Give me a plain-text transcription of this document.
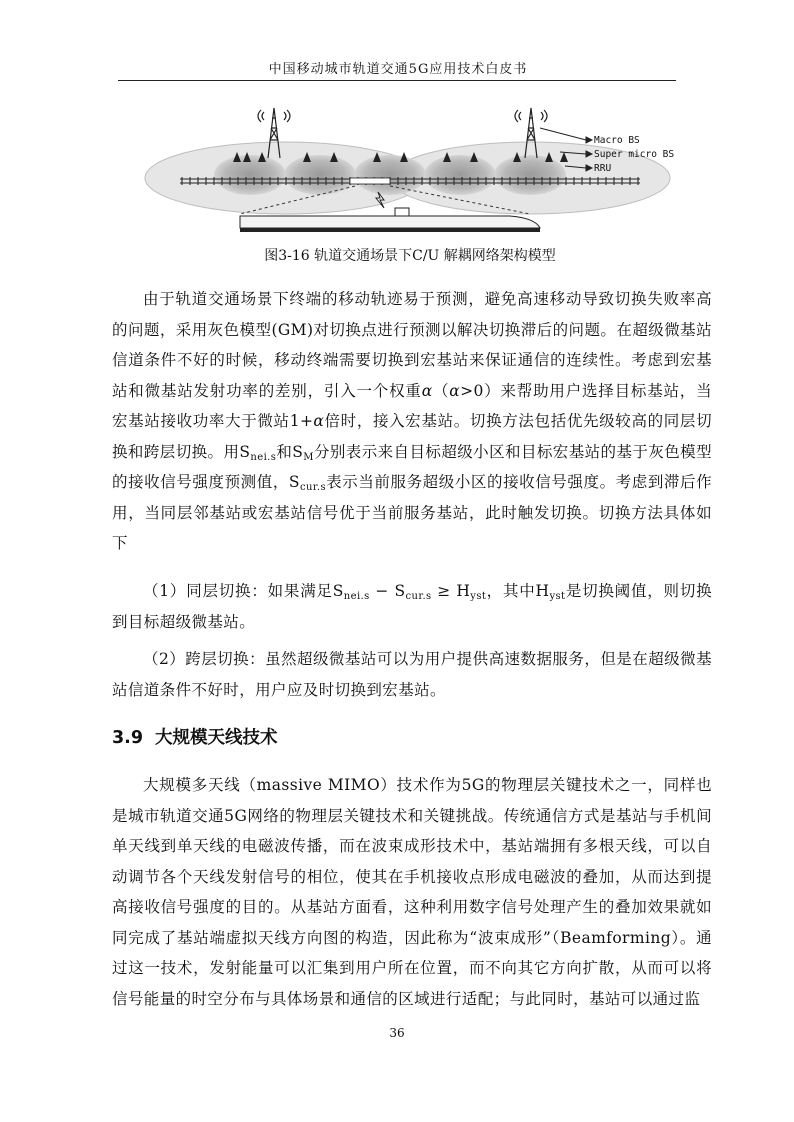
中国移动城市轨道交通5G应用技术白皮书
Macro BS
Super micro BS
RRU
图3-16 轨道交通场景下C/U 解耦网络架构模型

由于轨道交通场景下终端的移动轨迹易于预测，避免高速移动导致切换失败率高的问题，采用灰色模型(GM)对切换点进行预测以解决切换滞后的问题。在超级微基站信道条件不好的时候，移动终端需要切换到宏基站来保证通信的连续性。考虑到宏基站和微基站发射功率的差别，引入一个权重α（α>0）来帮助用户选择目标基站，当宏基站接收功率大于微站1+α倍时，接入宏基站。切换方法包括优先级较高的同层切换和跨层切换。用$S_{nei.s}$和$S_M$分别表示来自目标超级小区和目标宏基站的基于灰色模型的接收信号强度预测值，$S_{cur.s}$表示当前服务超级小区的接收信号强度。考虑到滞后作用，当同层邻基站或宏基站信号优于当前服务基站，此时触发切换。切换方法具体如下

（1）同层切换：如果满足$S_{nei.s} - S_{cur.s} \ge H_{yst}$，其中$H_{yst}$是切换阈值，则切换到目标超级微基站。

（2）跨层切换：虽然超级微基站可以为用户提供高速数据服务，但是在超级微基站信道条件不好时，用户应及时切换到宏基站。

3.9 大规模天线技术

大规模多天线（massive MIMO）技术作为5G的物理层关键技术之一，同样也是城市轨道交通5G网络的物理层关键技术和关键挑战。传统通信方式是基站与手机间单天线到单天线的电磁波传播，而在波束成形技术中，基站端拥有多根天线，可以自动调节各个天线发射信号的相位，使其在手机接收点形成电磁波的叠加，从而达到提高接收信号强度的目的。从基站方面看，这种利用数字信号处理产生的叠加效果就如同完成了基站端虚拟天线方向图的构造，因此称为“波束成形”（Beamforming）。通过这一技术，发射能量可以汇集到用户所在位置，而不向其它方向扩散，从而可以将信号能量的时空分布与具体场景和通信的区域进行适配；与此同时，基站可以通过监

36
